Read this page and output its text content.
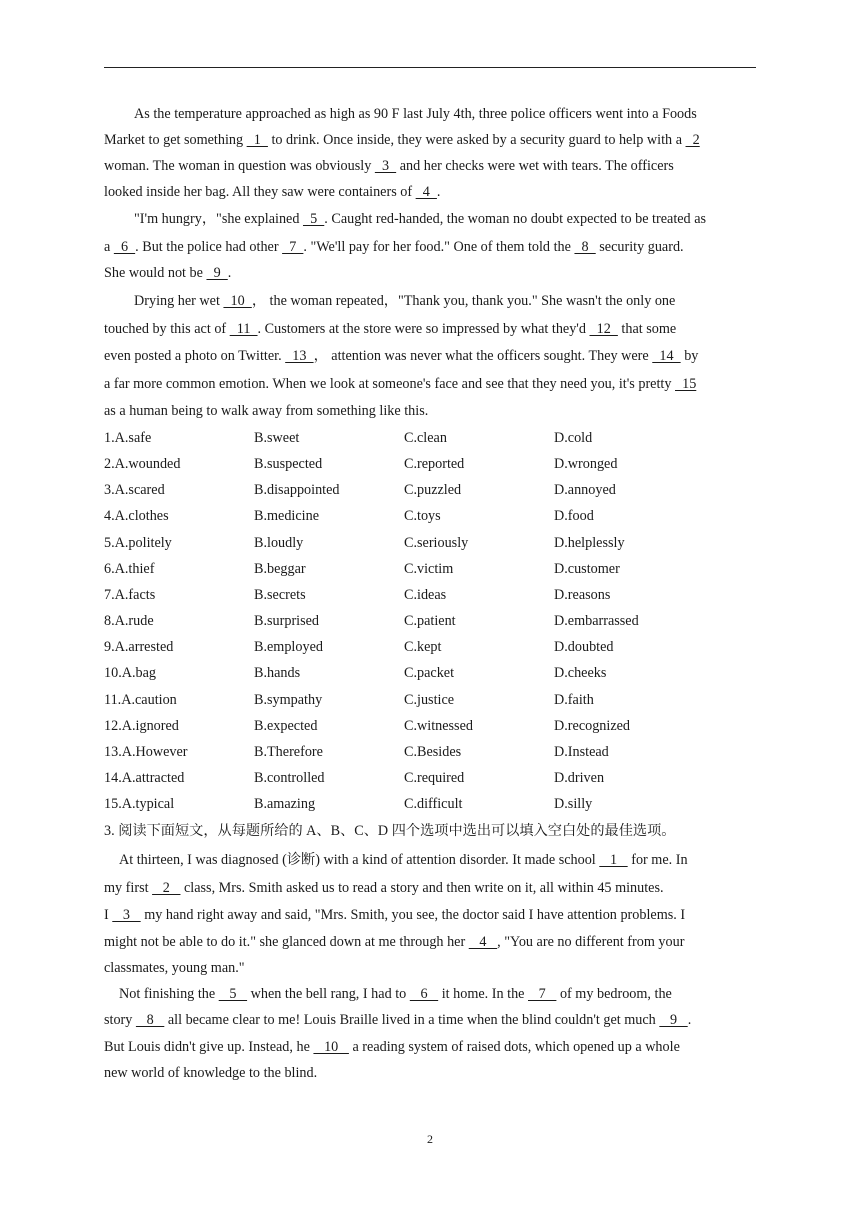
As the temperature approached as high as 90 F last July 4th, three police officers went into a Foods
Market to get something   1   to drink. Once inside, they were asked by a security guard to help with a   2
woman. The woman in question was obviously   3   and her checks were wet with tears. The officers
looked inside her bag. All they saw were containers of   4  .
"I'm hungry，"she explained   5  . Caught red-handed, the woman no doubt expected to be treated as
a   6  . But the police had other   7  . "We'll pay for her food." One of them told the   8   security guard.
She would not be   9  .
Drying her wet   10  ， the woman repeated，"Thank you, thank you." She wasn't the only one
touched by this act of   11  . Customers at the store were so impressed by what they'd   12   that some
even posted a photo on Twitter.   13  ， attention was never what the officers sought. They were   14   by
a far more common emotion. When we look at someone's face and see that they need you, it's pretty   15
as a human being to walk away from something like this.
1.A.safe	B.sweet	C.clean	D.cold
2.A.wounded	B.suspected	C.reported	D.wronged
3.A.scared	B.disappointed	C.puzzled	D.annoyed
4.A.clothes	B.medicine	C.toys	D.food
5.A.politely	B.loudly	C.seriously	D.helplessly
6.A.thief	B.beggar	C.victim	D.customer
7.A.facts	B.secrets	C.ideas	D.reasons
8.A.rude	B.surprised	C.patient	D.embarrassed
9.A.arrested	B.employed	C.kept	D.doubted
10.A.bag	B.hands	C.packet	D.cheeks
11.A.caution	B.sympathy	C.justice	D.faith
12.A.ignored	B.expected	C.witnessed	D.recognized
13.A.However	B.Therefore	C.Besides	D.Instead
14.A.attracted	B.controlled	C.required	D.driven
15.A.typical	B.amazing	C.difficult	D.silly
3. 阅读下面短文，从每题所给的 A、B、C、D 四个选项中选出可以填入空白处的最佳选项。
At thirteen, I was diagnosed (诊断) with a kind of attention disorder. It made school    1    for me. In
my first    2    class, Mrs. Smith asked us to read a story and then write on it, all within 45 minutes.
I    3    my hand right away and said, "Mrs. Smith, you see, the doctor said I have attention problems. I
might not be able to do it." she glanced down at me through her    4   , "You are no different from your
classmates, young man."
Not finishing the    5    when the bell rang, I had to    6    it home. In the    7    of my bedroom, the
story    8    all became clear to me! Louis Braille lived in a time when the blind couldn't get much    9   .
But Louis didn't give up. Instead, he    10    a reading system of raised dots, which opened up a whole
new world of knowledge to the blind.
2
